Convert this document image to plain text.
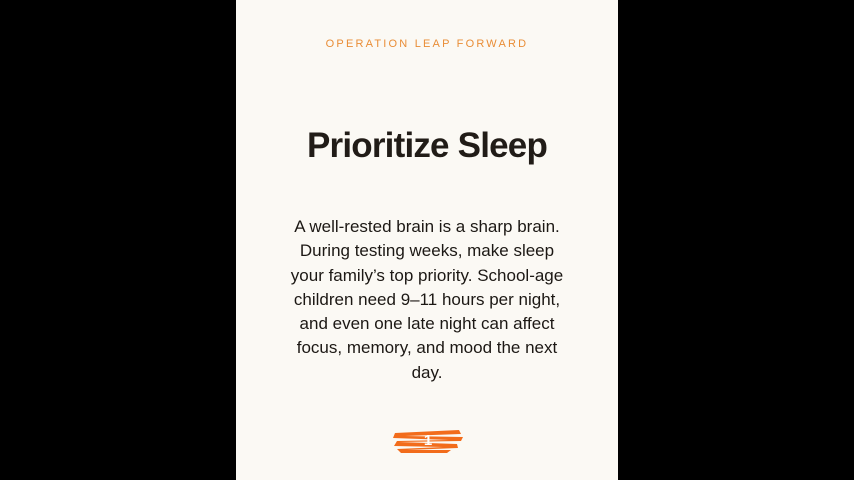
OPERATION LEAP FORWARD
Prioritize Sleep
A well-rested brain is a sharp brain. During testing weeks, make sleep your family’s top priority. School-age children need 9–11 hours per night, and even one late night can affect focus, memory, and mood the next day.
1
